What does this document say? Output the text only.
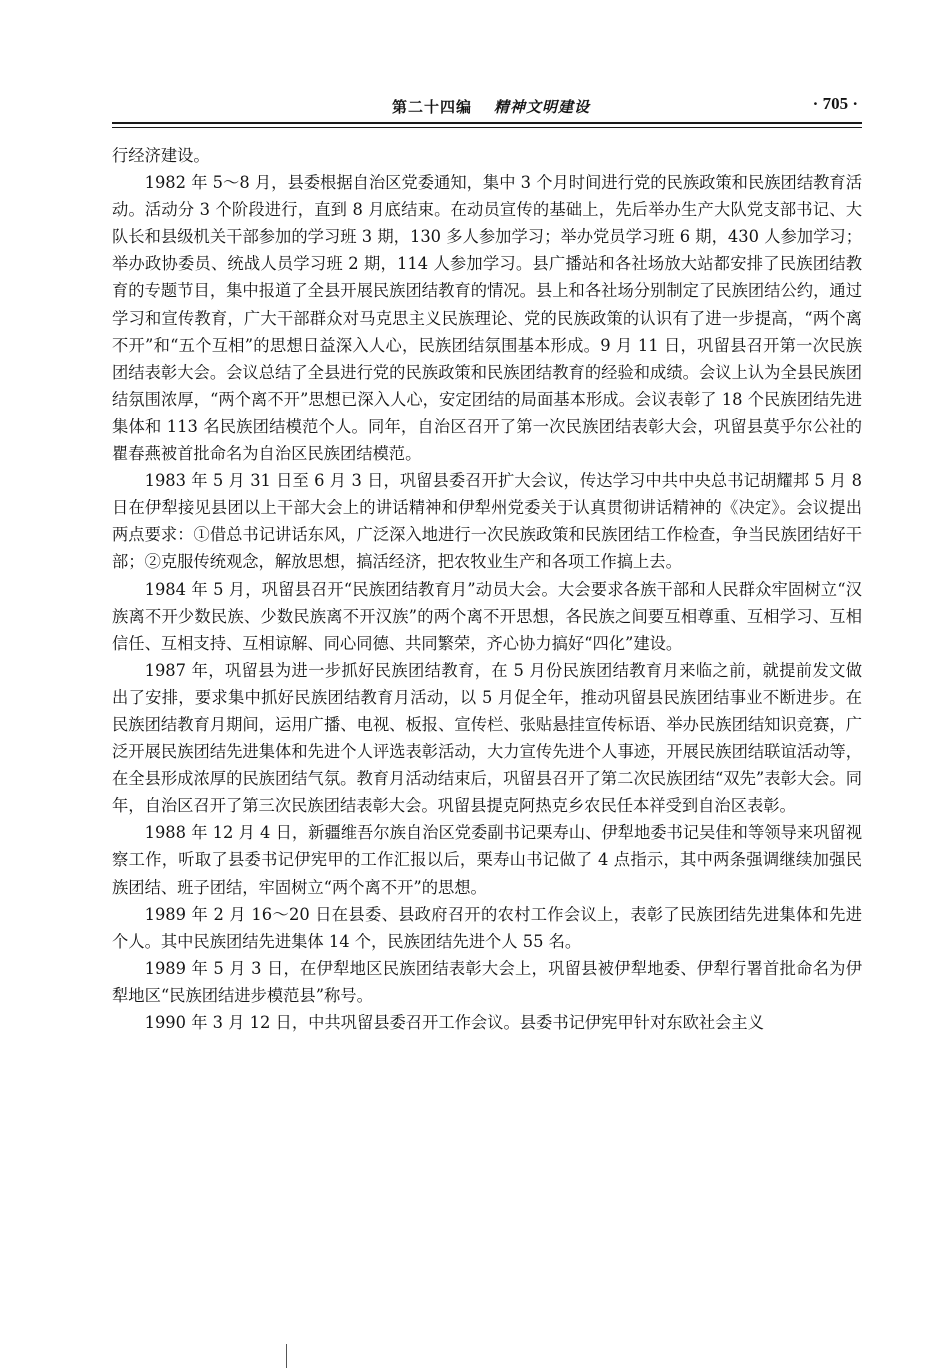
第二十四编 精神文明建设	· 705 ·

行经济建设。

1982 年 5～8 月，县委根据自治区党委通知，集中 3 个月时间进行党的民族政策和民族团结教育活动。活动分 3 个阶段进行，直到 8 月底结束。在动员宣传的基础上，先后举办生产大队党支部书记、大队长和县级机关干部参加的学习班 3 期，130 多人参加学习；举办党员学习班 6 期，430 人参加学习；举办政协委员、统战人员学习班 2 期，114 人参加学习。县广播站和各社场放大站都安排了民族团结教育的专题节目，集中报道了全县开展民族团结教育的情况。县上和各社场分别制定了民族团结公约，通过学习和宣传教育，广大干部群众对马克思主义民族理论、党的民族政策的认识有了进一步提高，“两个离不开”和“五个互相”的思想日益深入人心，民族团结氛围基本形成。9 月 11 日，巩留县召开第一次民族团结表彰大会。会议总结了全县进行党的民族政策和民族团结教育的经验和成绩。会议上认为全县民族团结氛围浓厚，“两个离不开”思想已深入人心，安定团结的局面基本形成。会议表彰了 18 个民族团结先进集体和 113 名民族团结模范个人。同年，自治区召开了第一次民族团结表彰大会，巩留县莫乎尔公社的瞿春燕被首批命名为自治区民族团结模范。

1983 年 5 月 31 日至 6 月 3 日，巩留县委召开扩大会议，传达学习中共中央总书记胡耀邦 5 月 8 日在伊犁接见县团以上干部大会上的讲话精神和伊犁州党委关于认真贯彻讲话精神的《决定》。会议提出两点要求：①借总书记讲话东风，广泛深入地进行一次民族政策和民族团结工作检查，争当民族团结好干部；②克服传统观念，解放思想，搞活经济，把农牧业生产和各项工作搞上去。

1984 年 5 月，巩留县召开“民族团结教育月”动员大会。大会要求各族干部和人民群众牢固树立“汉族离不开少数民族、少数民族离不开汉族”的两个离不开思想，各民族之间要互相尊重、互相学习、互相信任、互相支持、互相谅解、同心同德、共同繁荣，齐心协力搞好“四化”建设。

1987 年，巩留县为进一步抓好民族团结教育，在 5 月份民族团结教育月来临之前，就提前发文做出了安排，要求集中抓好民族团结教育月活动，以 5 月促全年，推动巩留县民族团结事业不断进步。在民族团结教育月期间，运用广播、电视、板报、宣传栏、张贴悬挂宣传标语、举办民族团结知识竞赛，广泛开展民族团结先进集体和先进个人评选表彰活动，大力宣传先进个人事迹，开展民族团结联谊活动等，在全县形成浓厚的民族团结气氛。教育月活动结束后，巩留县召开了第二次民族团结“双先”表彰大会。同年，自治区召开了第三次民族团结表彰大会。巩留县提克阿热克乡农民任本祥受到自治区表彰。

1988 年 12 月 4 日，新疆维吾尔族自治区党委副书记栗寿山、伊犁地委书记吴佳和等领导来巩留视察工作，听取了县委书记伊宪甲的工作汇报以后，栗寿山书记做了 4 点指示，其中两条强调继续加强民族团结、班子团结，牢固树立“两个离不开”的思想。

1989 年 2 月 16～20 日在县委、县政府召开的农村工作会议上，表彰了民族团结先进集体和先进个人。其中民族团结先进集体 14 个，民族团结先进个人 55 名。

1989 年 5 月 3 日，在伊犁地区民族团结表彰大会上，巩留县被伊犁地委、伊犁行署首批命名为伊犁地区“民族团结进步模范县”称号。

1990 年 3 月 12 日，中共巩留县委召开工作会议。县委书记伊宪甲针对东欧社会主义
